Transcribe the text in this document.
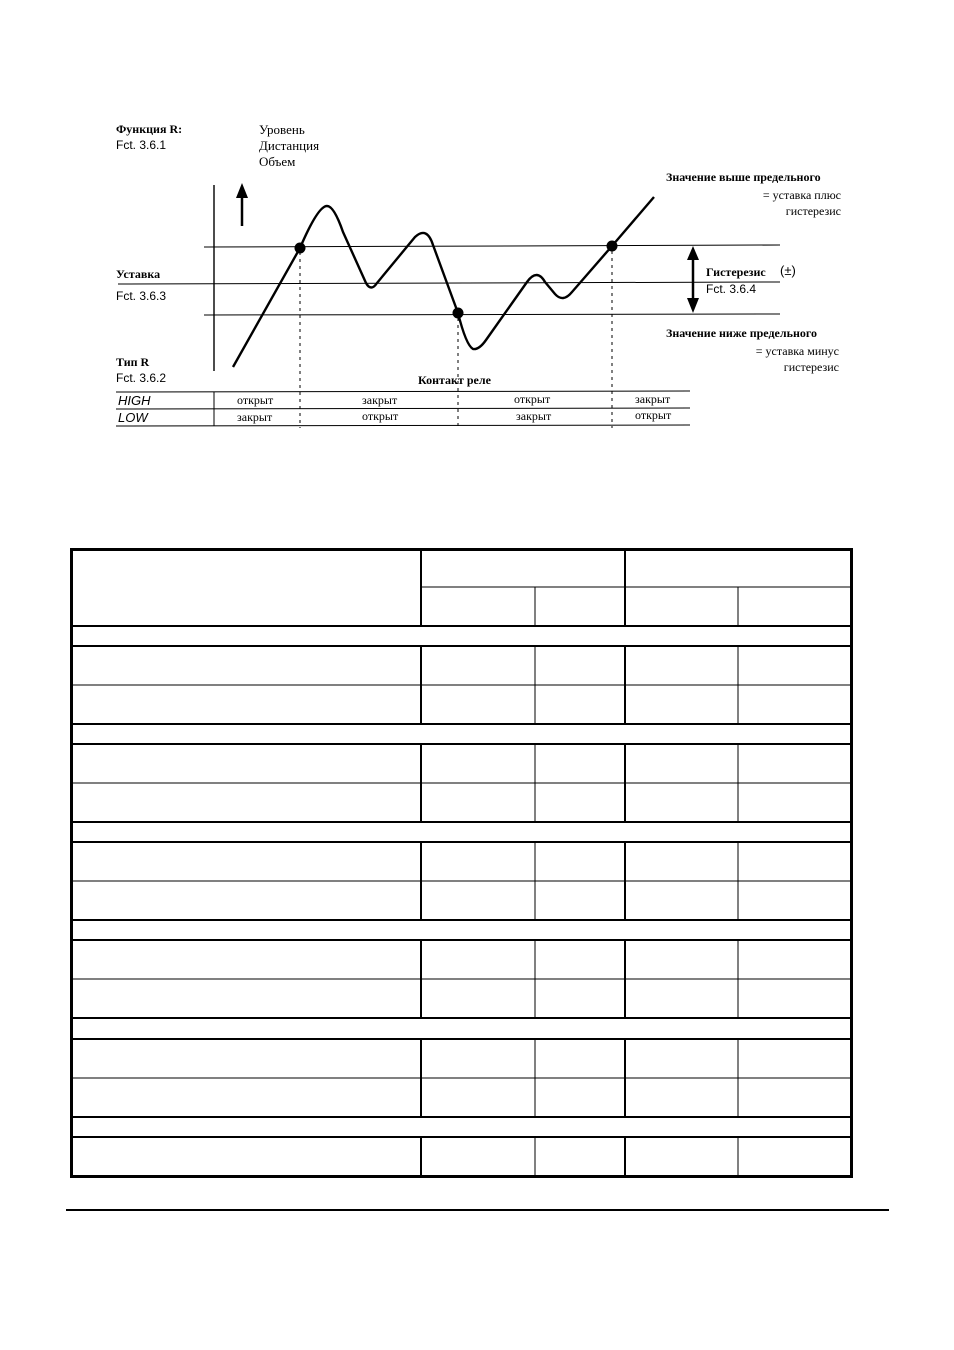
Функция R:
Fct. 3.6.1
Уровень
Дистанция
Объем
Уставка
Fct. 3.6.3
Тип R
Fct. 3.6.2
Значение выше предельного
= уставка плюс
гистерезис
Гистерезис (±)
Fct. 3.6.4
Значение ниже предельного
= уставка минус
гистерезис
Контакт реле
HIGH	открыт	закрыт	открыт	закрыт
LOW	закрыт	открыт	закрыт	открыт
